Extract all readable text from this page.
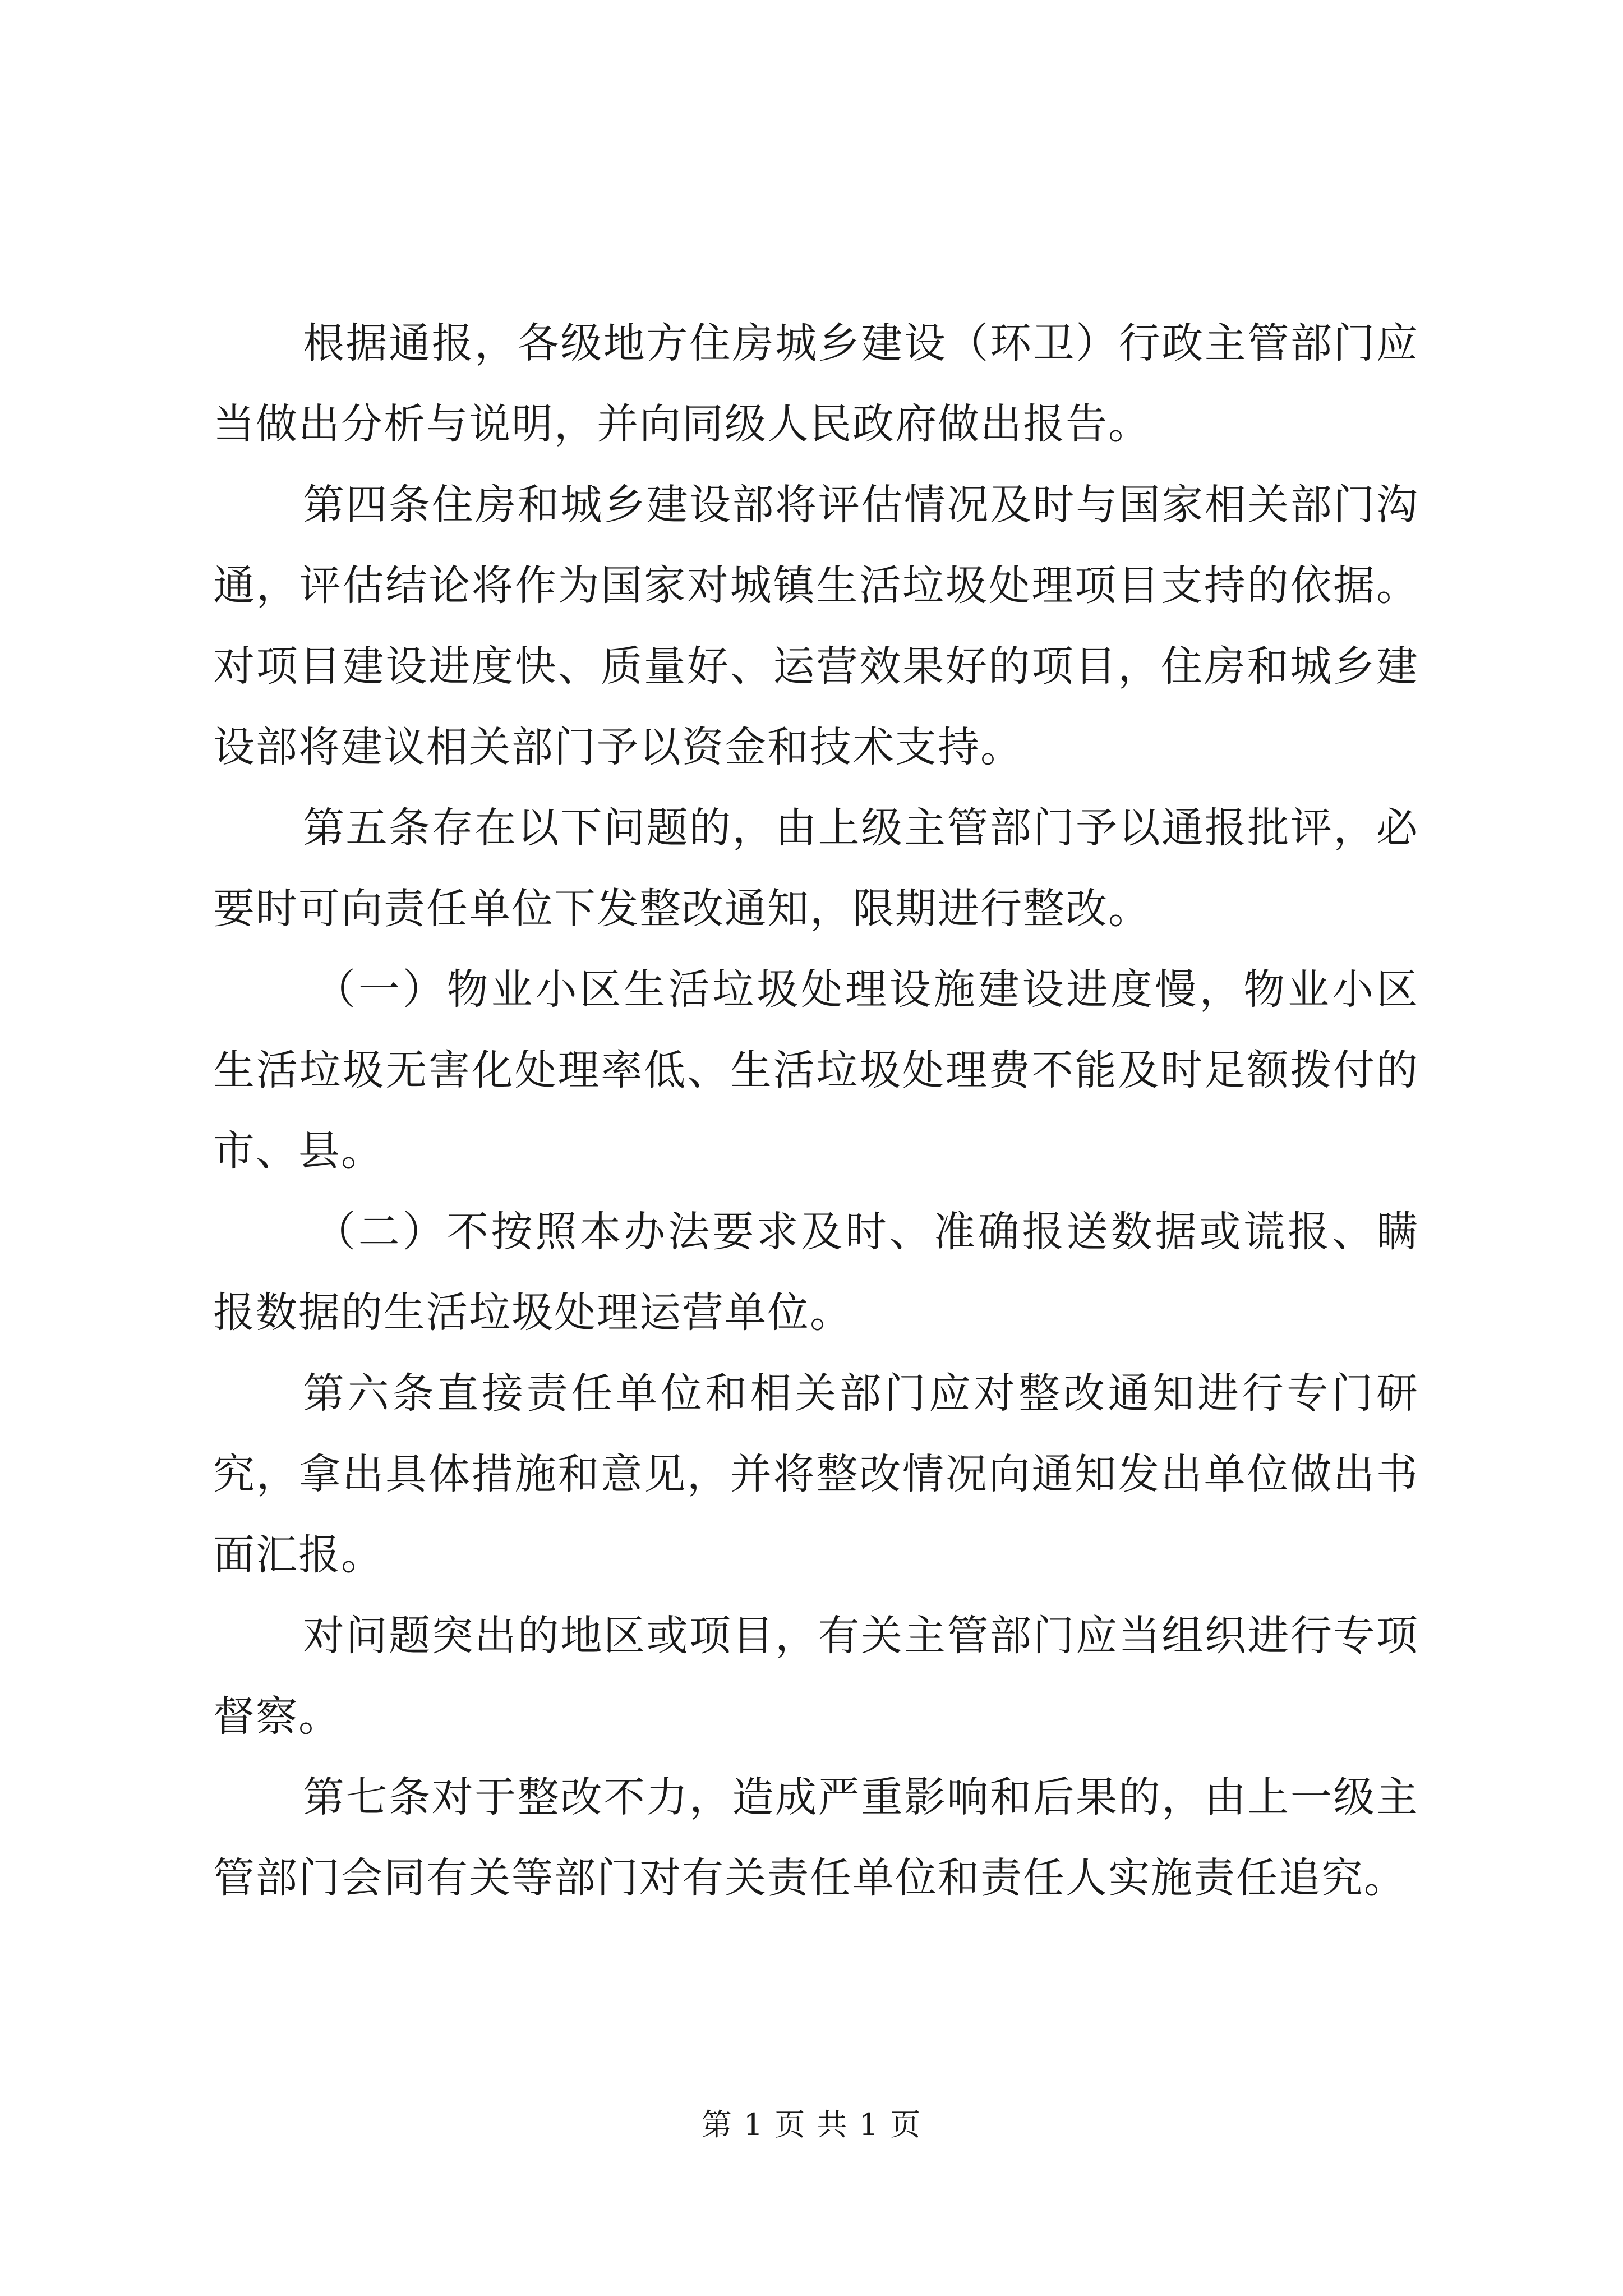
根据通报，各级地方住房城乡建设（环卫）行政主管部门应当做出分析与说明，并向同级人民政府做出报告。

第四条住房和城乡建设部将评估情况及时与国家相关部门沟通，评估结论将作为国家对城镇生活垃圾处理项目支持的依据。对项目建设进度快、质量好、运营效果好的项目，住房和城乡建设部将建议相关部门予以资金和技术支持。

第五条存在以下问题的，由上级主管部门予以通报批评，必要时可向责任单位下发整改通知，限期进行整改。

（一）物业小区生活垃圾处理设施建设进度慢，物业小区生活垃圾无害化处理率低、生活垃圾处理费不能及时足额拨付的市、县。

（二）不按照本办法要求及时、准确报送数据或谎报、瞒报数据的生活垃圾处理运营单位。

第六条直接责任单位和相关部门应对整改通知进行专门研究，拿出具体措施和意见，并将整改情况向通知发出单位做出书面汇报。

对问题突出的地区或项目，有关主管部门应当组织进行专项督察。

第七条对于整改不力，造成严重影响和后果的，由上一级主管部门会同有关等部门对有关责任单位和责任人实施责任追究。

第 1 页 共 1 页
